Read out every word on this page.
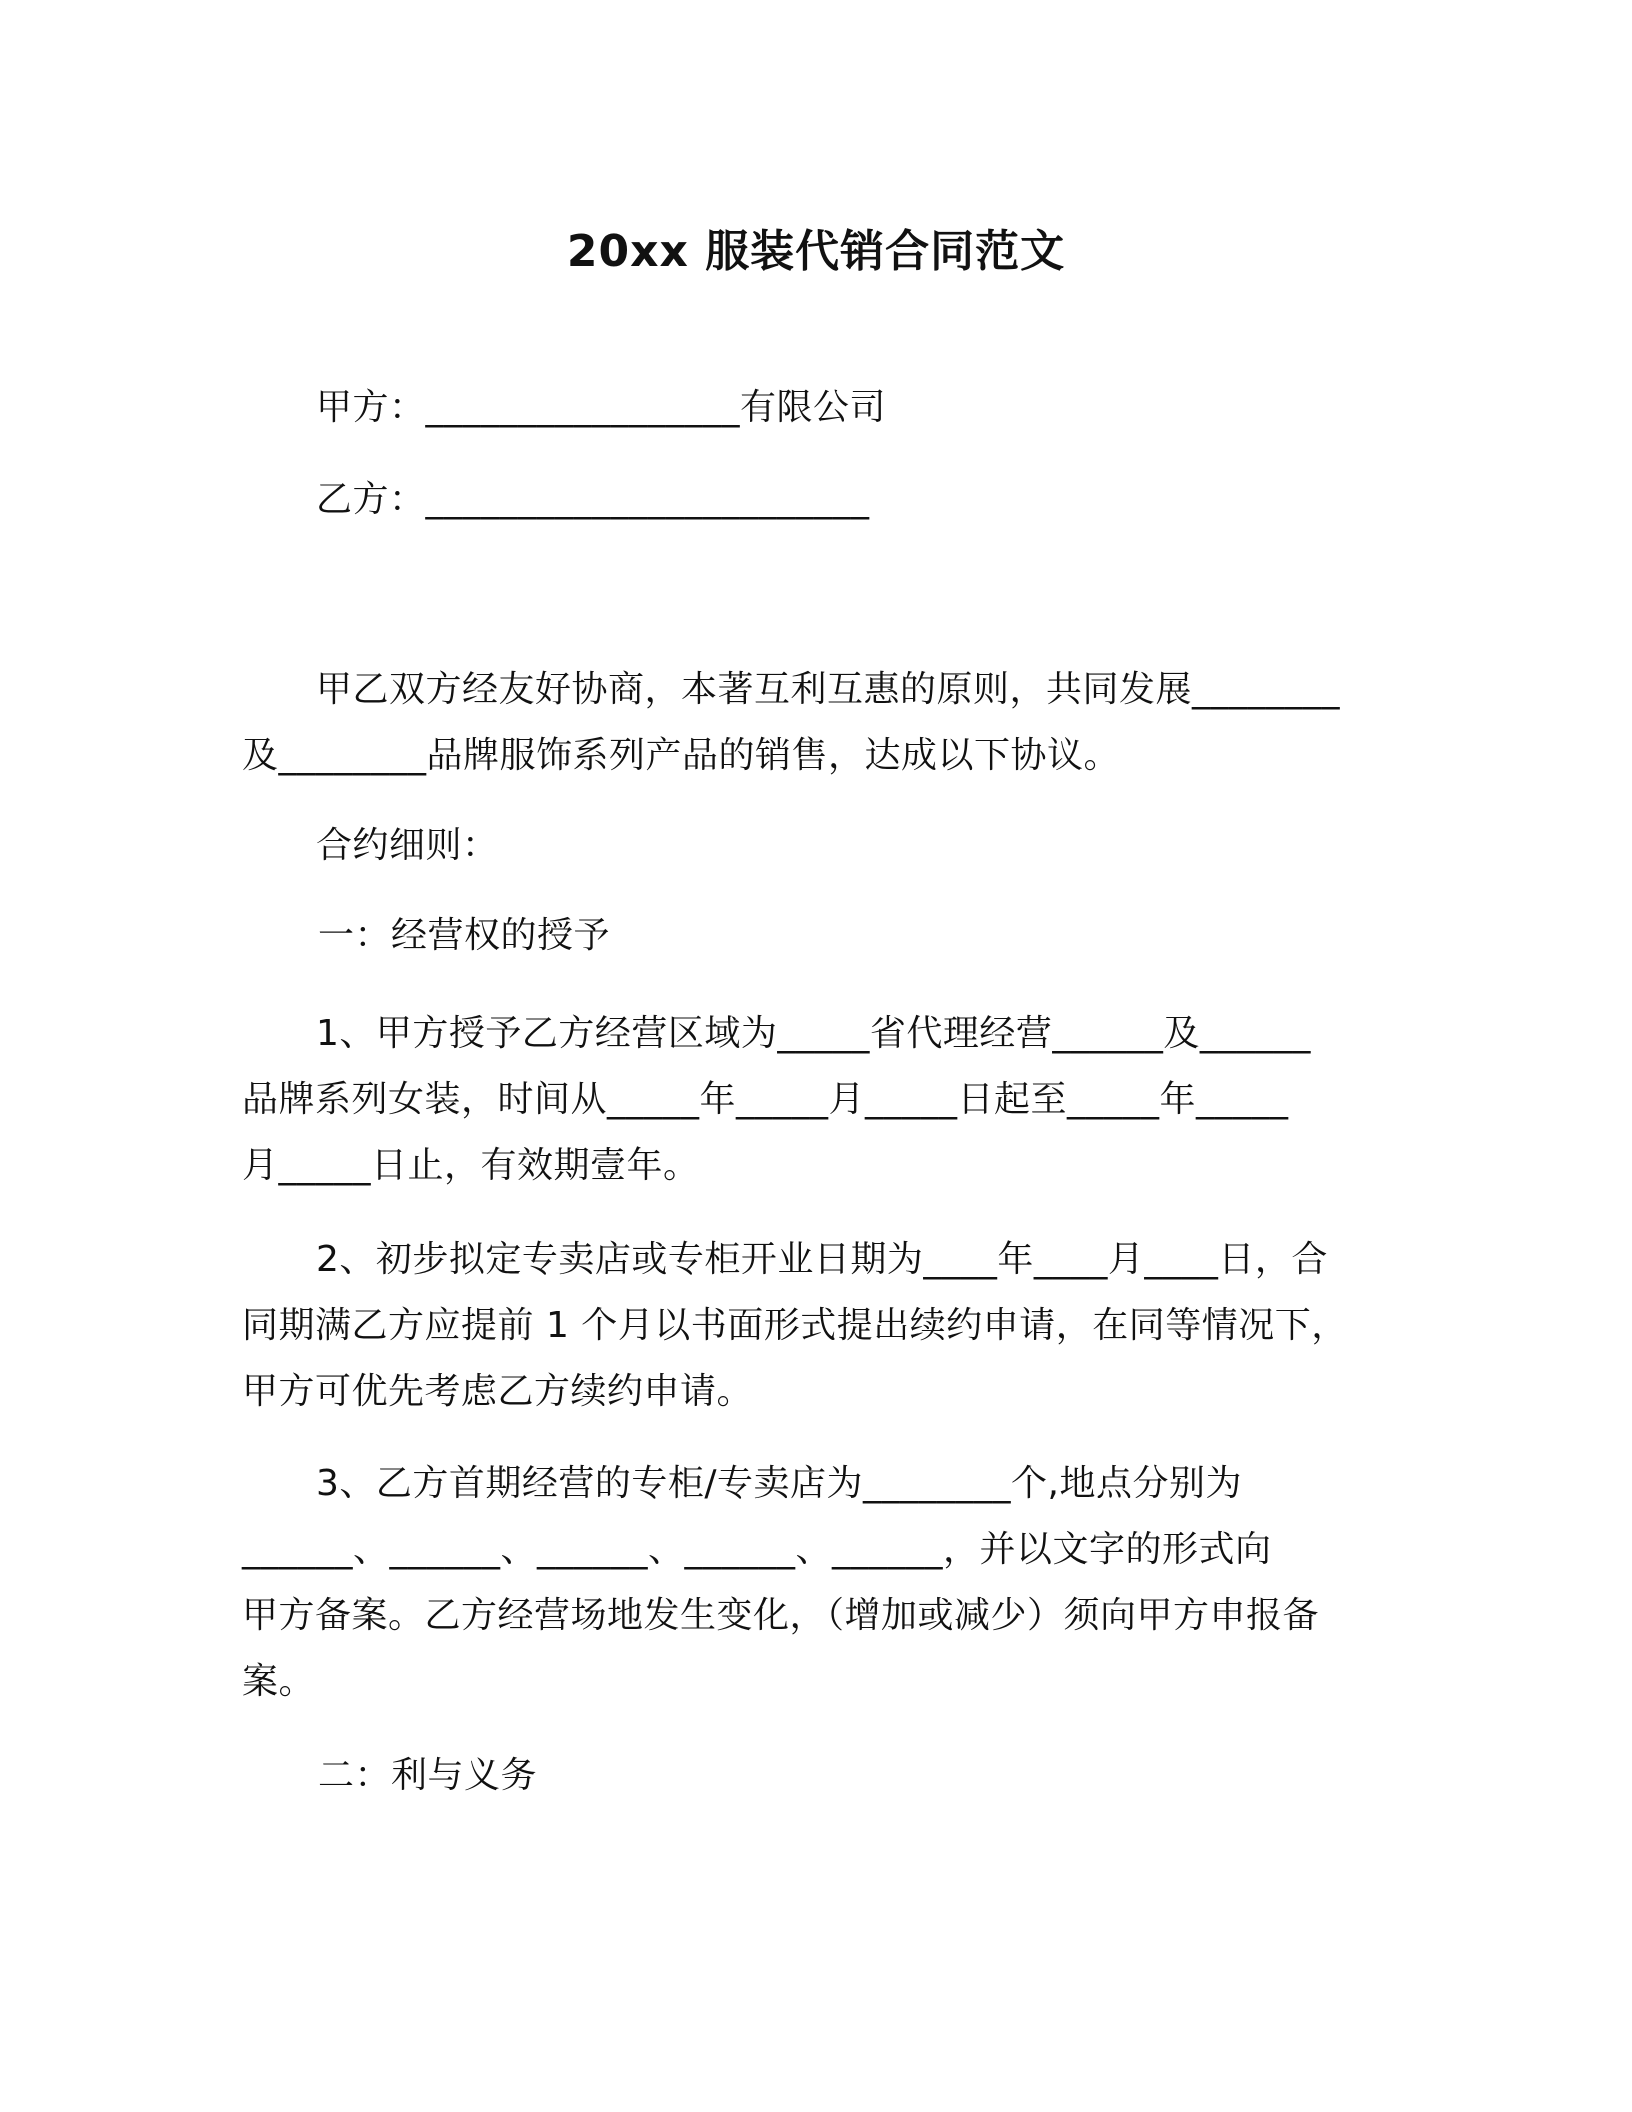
20xx 服装代销合同范文
甲方：_________________有限公司
乙方：________________________
甲乙双方经友好协商，本著互利互惠的原则，共同发展________
及________品牌服饰系列产品的销售，达成以下协议。
合约细则：
一：经营权的授予
1、甲方授予乙方经营区域为_____省代理经营______及______
品牌系列女装，时间从_____年_____月_____日起至_____年_____
月_____日止，有效期壹年。
2、初步拟定专卖店或专柜开业日期为____年____月____日，合
同期满乙方应提前 1 个月以书面形式提出续约申请，在同等情况下，
甲方可优先考虑乙方续约申请。
3、乙方首期经营的专柜/专卖店为________个,地点分别为
______、______、______、______、______，并以文字的形式向
甲方备案。乙方经营场地发生变化，（增加或减少）须向甲方申报备
案。
二：利与义务
